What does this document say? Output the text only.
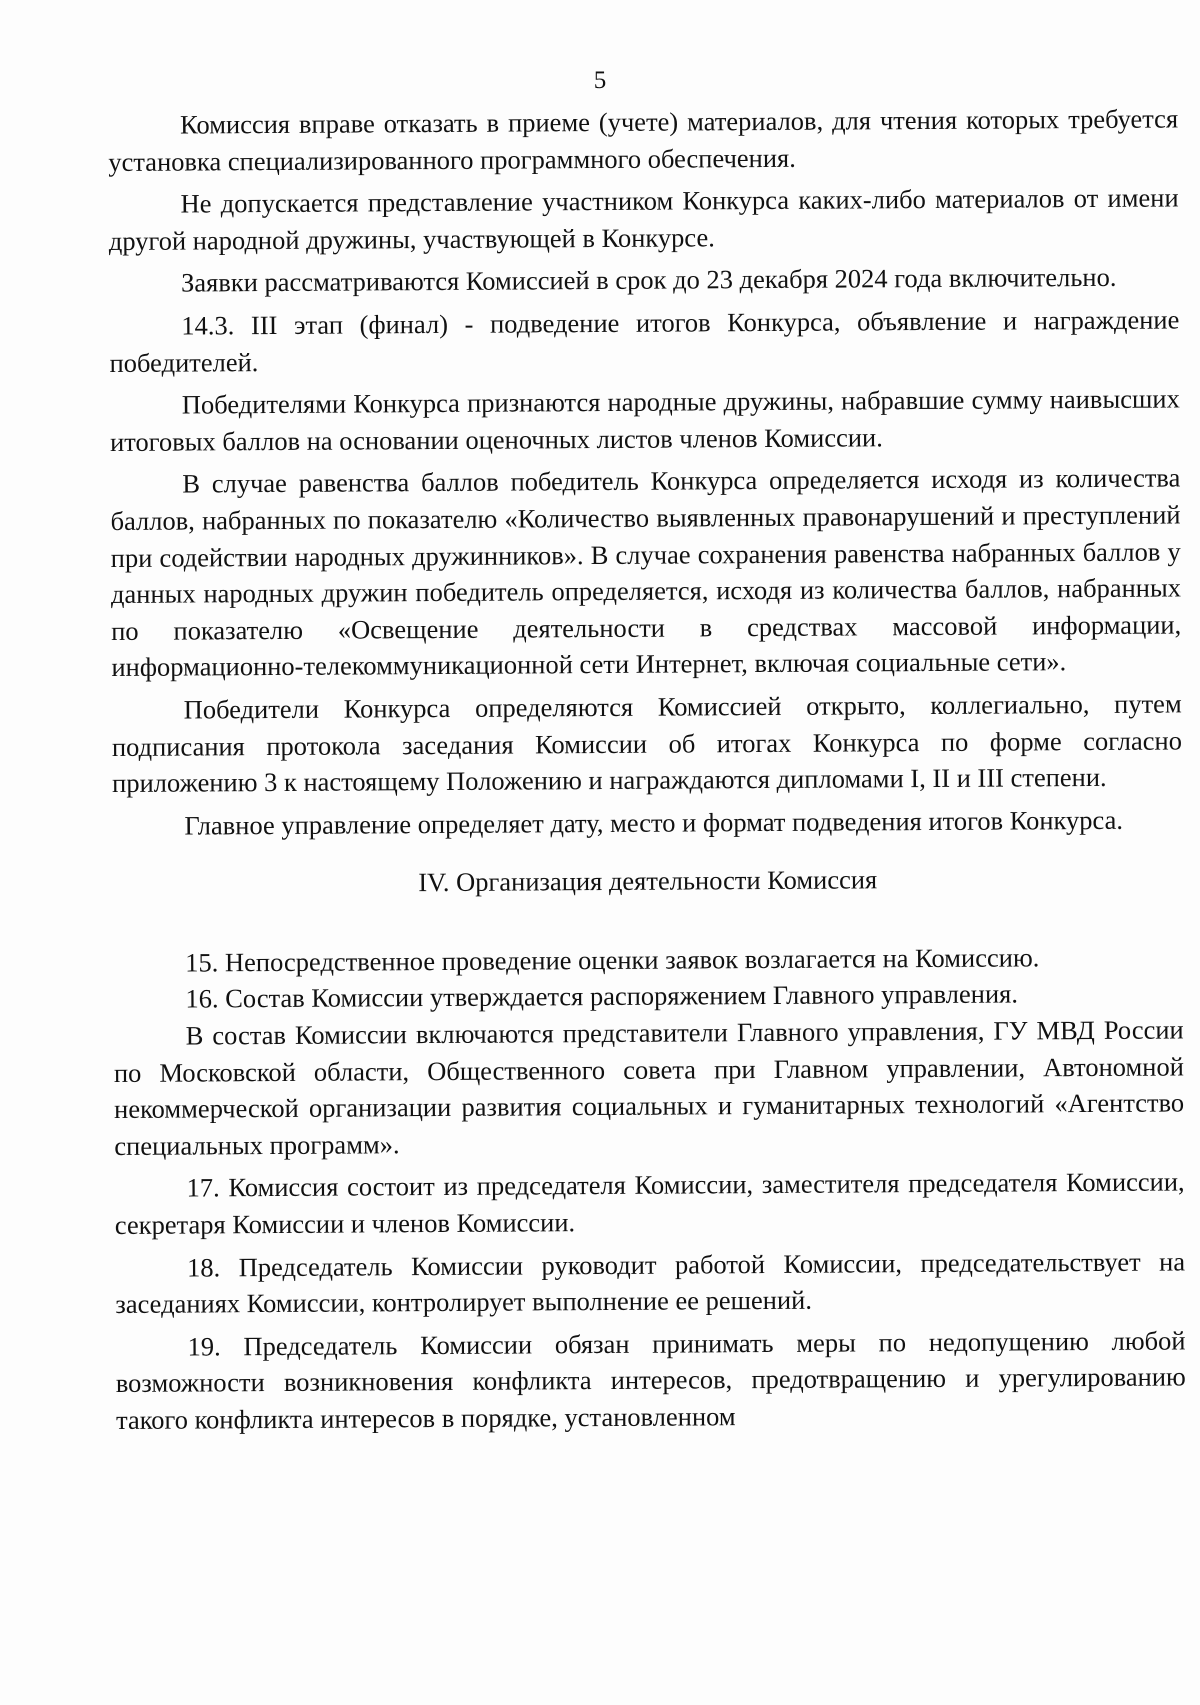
5

Комиссия вправе отказать в приеме (учете) материалов, для чтения которых требуется установка специализированного программного обеспечения.

Не допускается представление участником Конкурса каких-либо материалов от имени другой народной дружины, участвующей в Конкурсе.

Заявки рассматриваются Комиссией в срок до 23 декабря 2024 года включительно.

14.3. III этап (финал) - подведение итогов Конкурса, объявление и награждение победителей.

Победителями Конкурса признаются народные дружины, набравшие сумму наивысших итоговых баллов на основании оценочных листов членов Комиссии.

В случае равенства баллов победитель Конкурса определяется исходя из количества баллов, набранных по показателю «Количество выявленных правонарушений и преступлений при содействии народных дружинников». В случае сохранения равенства набранных баллов у данных народных дружин победитель определяется, исходя из количества баллов, набранных по показателю «Освещение деятельности в средствах массовой информации, информационно-телекоммуникационной сети Интернет, включая социальные сети».

Победители Конкурса определяются Комиссией открыто, коллегиально, путем подписания протокола заседания Комиссии об итогах Конкурса по форме согласно приложению 3 к настоящему Положению и награждаются дипломами I, II и III степени.

Главное управление определяет дату, место и формат подведения итогов Конкурса.

IV. Организация деятельности Комиссия

15. Непосредственное проведение оценки заявок возлагается на Комиссию.

16. Состав Комиссии утверждается распоряжением Главного управления.

В состав Комиссии включаются представители Главного управления, ГУ МВД России по Московской области, Общественного совета при Главном управлении, Автономной некоммерческой организации развития социальных и гуманитарных технологий «Агентство специальных программ».

17. Комиссия состоит из председателя Комиссии, заместителя председателя Комиссии, секретаря Комиссии и членов Комиссии.

18. Председатель Комиссии руководит работой Комиссии, председательствует на заседаниях Комиссии, контролирует выполнение ее решений.

19. Председатель Комиссии обязан принимать меры по недопущению любой возможности возникновения конфликта интересов, предотвращению и урегулированию такого конфликта интересов в порядке, установленном
